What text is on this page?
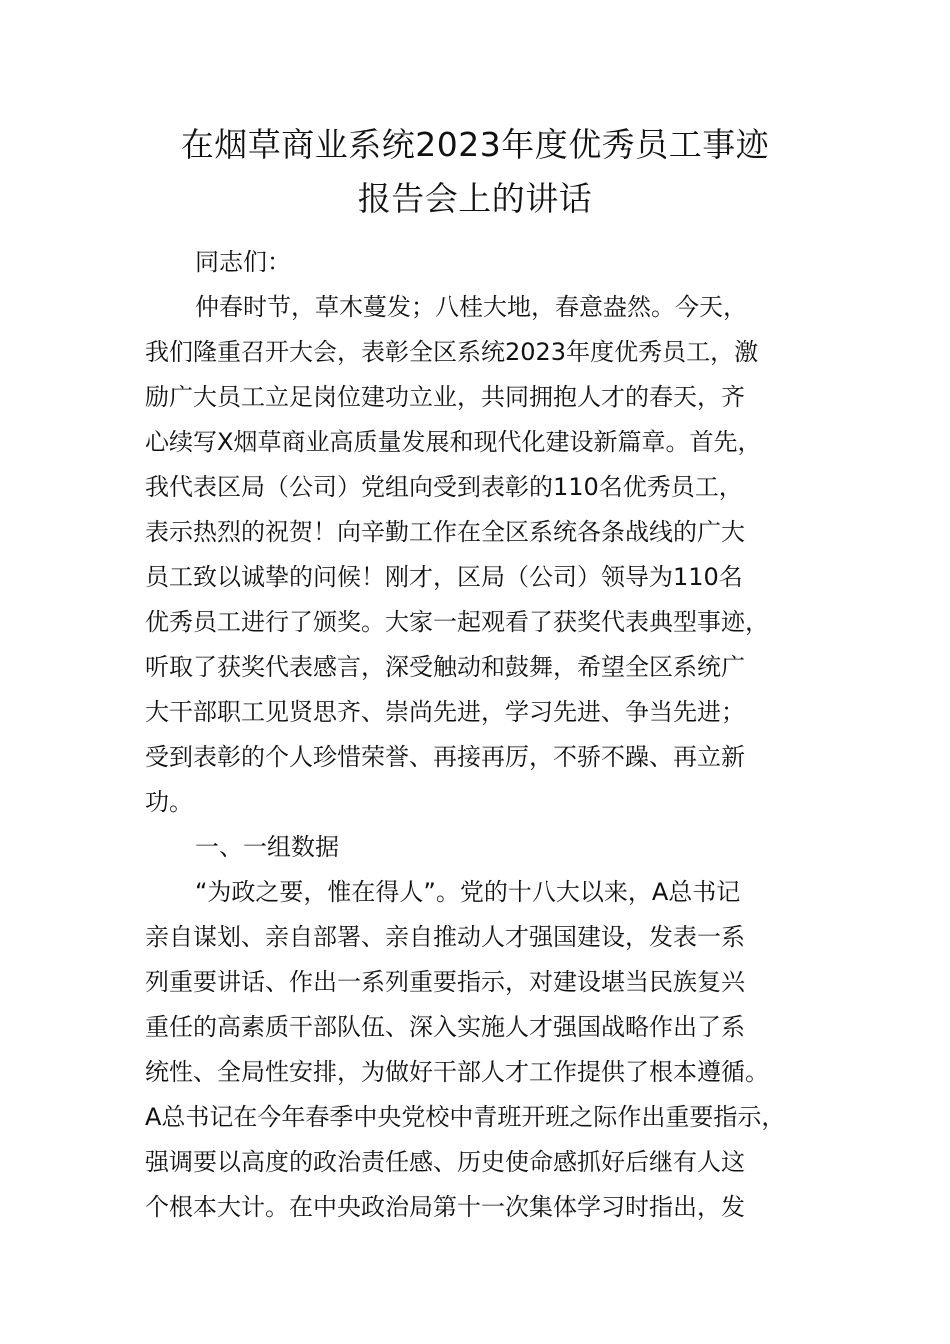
在烟草商业系统2023年度优秀员工事迹
报告会上的讲话
同志们：
仲春时节，草木蔓发；八桂大地，春意盎然。今天，
我们隆重召开大会，表彰全区系统2023年度优秀员工，激
励广大员工立足岗位建功立业，共同拥抱人才的春天，齐
心续写X烟草商业高质量发展和现代化建设新篇章。首先，
我代表区局（公司）党组向受到表彰的110名优秀员工，
表示热烈的祝贺！向辛勤工作在全区系统各条战线的广大
员工致以诚挚的问候！刚才，区局（公司）领导为110名
优秀员工进行了颁奖。大家一起观看了获奖代表典型事迹，
听取了获奖代表感言，深受触动和鼓舞，希望全区系统广
大干部职工见贤思齐、崇尚先进，学习先进、争当先进；
受到表彰的个人珍惜荣誉、再接再厉，不骄不躁、再立新
功。
一、一组数据
“为政之要，惟在得人”。党的十八大以来，A总书记
亲自谋划、亲自部署、亲自推动人才强国建设，发表一系
列重要讲话、作出一系列重要指示，对建设堪当民族复兴
重任的高素质干部队伍、深入实施人才强国战略作出了系
统性、全局性安排，为做好干部人才工作提供了根本遵循。
A总书记在今年春季中央党校中青班开班之际作出重要指示，
强调要以高度的政治责任感、历史使命感抓好后继有人这
个根本大计。在中央政治局第十一次集体学习时指出，发
